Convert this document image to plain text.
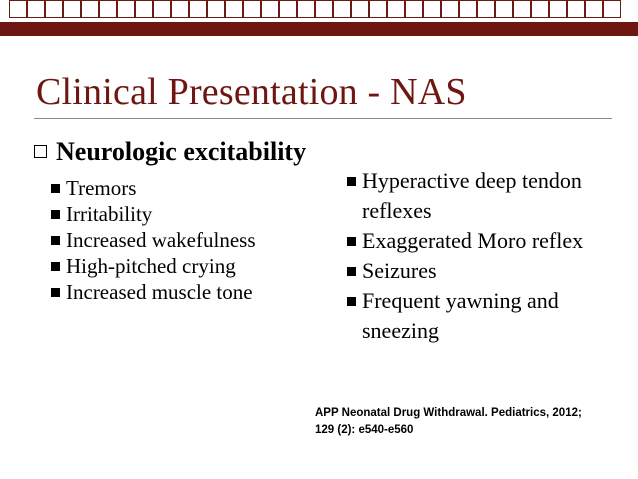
Clinical Presentation - NAS
Neurologic excitability
Tremors
Irritability
Increased wakefulness
High-pitched crying
Increased muscle tone
Hyperactive deep tendon reflexes
Exaggerated Moro reflex
Seizures
Frequent yawning and sneezing
APP Neonatal Drug Withdrawal. Pediatrics, 2012;
129 (2): e540-e560
